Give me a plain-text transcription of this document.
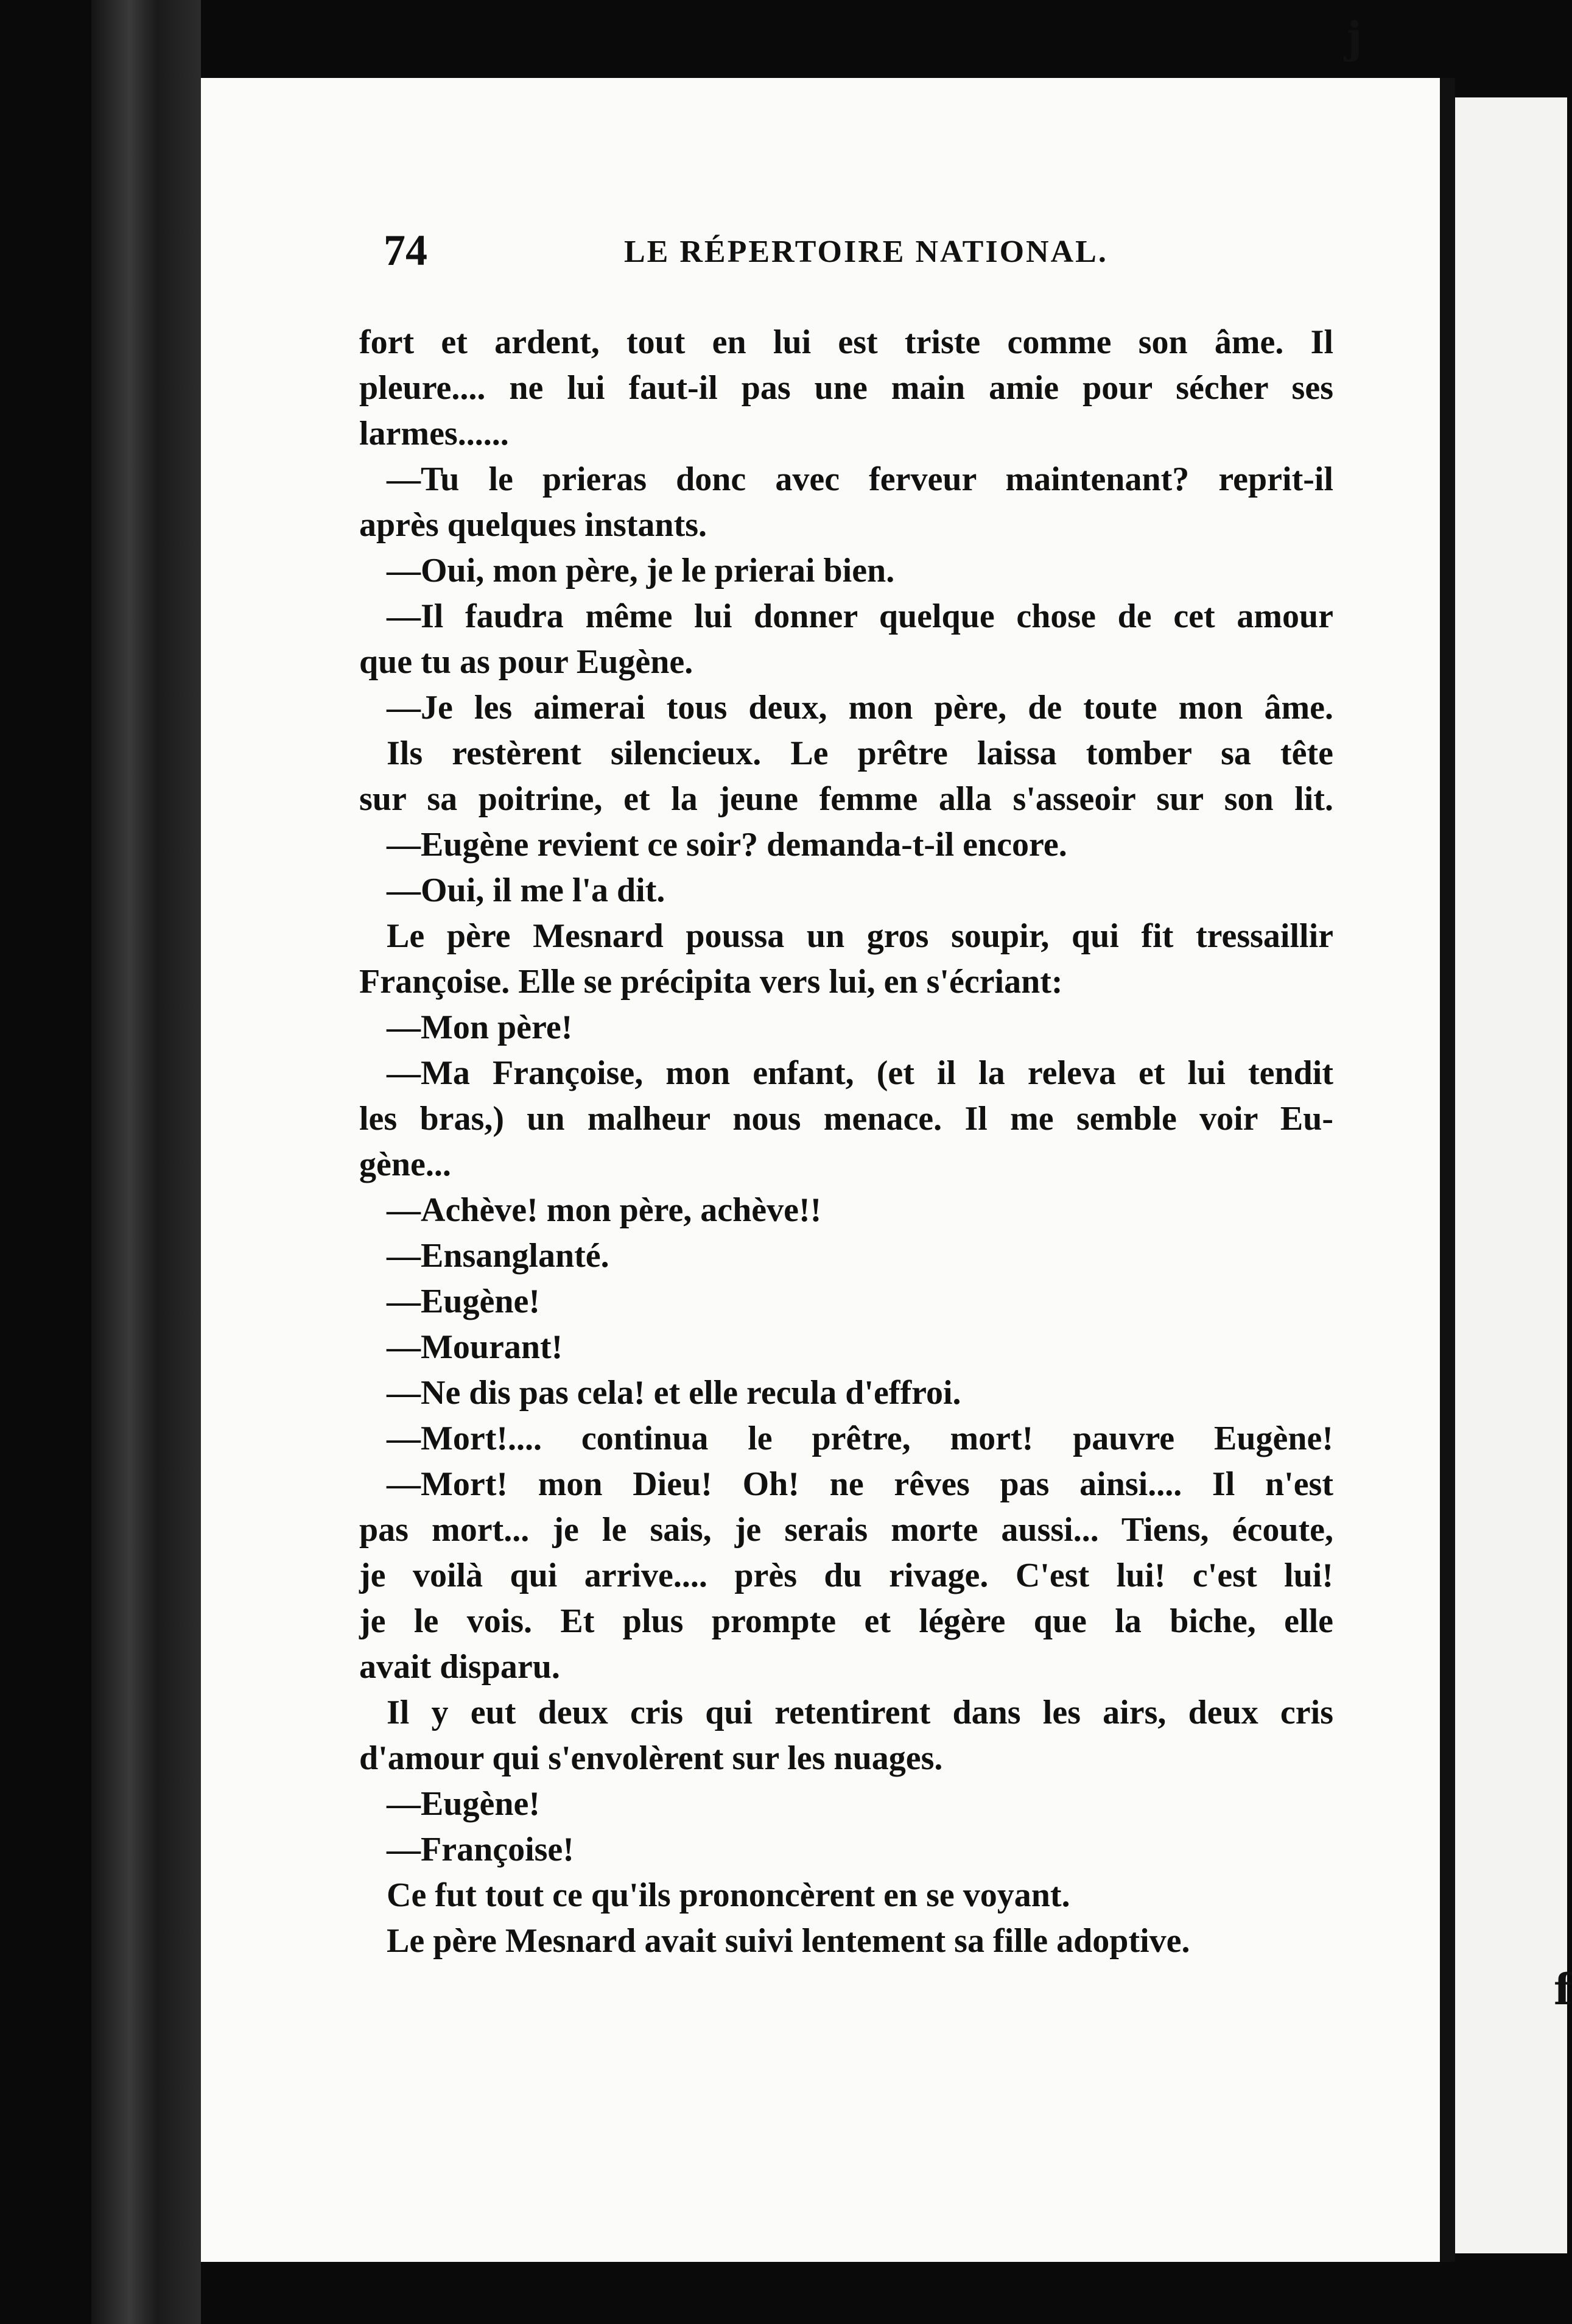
j
f
74	LE RÉPERTOIRE NATIONAL.
fort et ardent, tout en lui est triste comme son âme. Il
pleure.... ne lui faut-il pas une main amie pour sécher ses
larmes......
—Tu le prieras donc avec ferveur maintenant? reprit-il
après quelques instants.
—Oui, mon père, je le prierai bien.
—Il faudra même lui donner quelque chose de cet amour
que tu as pour Eugène.
—Je les aimerai tous deux, mon père, de toute mon âme.
Ils restèrent silencieux. Le prêtre laissa tomber sa tête
sur sa poitrine, et la jeune femme alla s'asseoir sur son lit.
—Eugène revient ce soir? demanda-t-il encore.
—Oui, il me l'a dit.
Le père Mesnard poussa un gros soupir, qui fit tressaillir
Françoise. Elle se précipita vers lui, en s'écriant:
—Mon père!
—Ma Françoise, mon enfant, (et il la releva et lui tendit
les bras,) un malheur nous menace. Il me semble voir Eu-
gène...
—Achève! mon père, achève!!
—Ensanglanté.
—Eugène!
—Mourant!
—Ne dis pas cela! et elle recula d'effroi.
—Mort!.... continua le prêtre, mort! pauvre Eugène!
—Mort! mon Dieu! Oh! ne rêves pas ainsi.... Il n'est
pas mort... je le sais, je serais morte aussi... Tiens, écoute,
je voilà qui arrive.... près du rivage. C'est lui! c'est lui!
je le vois. Et plus prompte et légère que la biche, elle
avait disparu.
Il y eut deux cris qui retentirent dans les airs, deux cris
d'amour qui s'envolèrent sur les nuages.
—Eugène!
—Françoise!
Ce fut tout ce qu'ils prononcèrent en se voyant.
Le père Mesnard avait suivi lentement sa fille adoptive.
